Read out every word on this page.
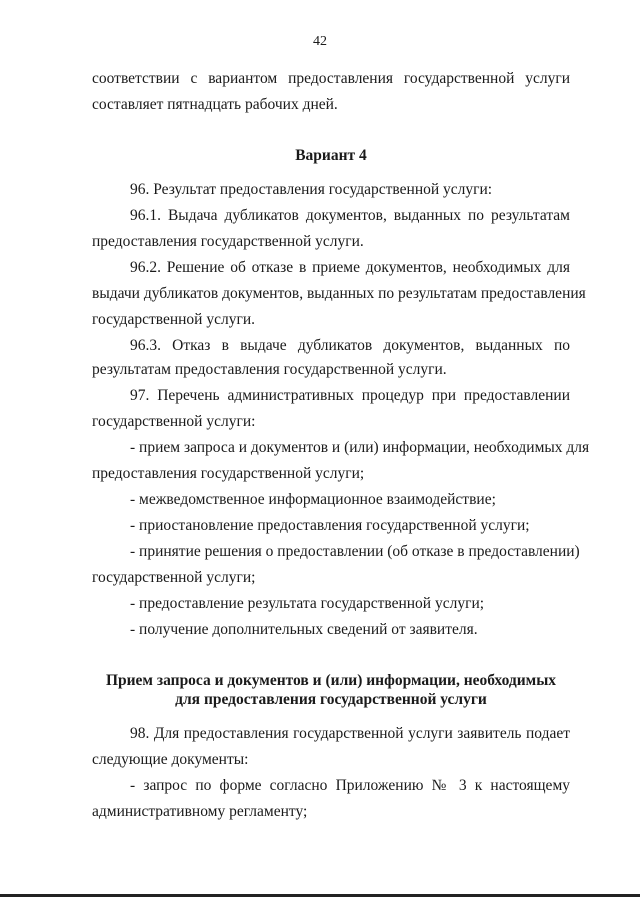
42
соответствии с вариантом предоставления государственной услуги
составляет пятнадцать рабочих дней.
Вариант 4
96. Результат предоставления государственной услуги:
96.1. Выдача дубликатов документов, выданных по результатам
предоставления государственной услуги.
96.2. Решение об отказе в приеме документов, необходимых для
выдачи дубликатов документов, выданных по результатам предоставления
государственной услуги.
96.3. Отказ в выдаче дубликатов документов, выданных по
результатам предоставления государственной услуги.
97. Перечень административных процедур при предоставлении
государственной услуги:
- прием запроса и документов и (или) информации, необходимых для
предоставления государственной услуги;
- межведомственное информационное взаимодействие;
- приостановление предоставления государственной услуги;
- принятие решения о предоставлении (об отказе в предоставлении)
государственной услуги;
- предоставление результата государственной услуги;
- получение дополнительных сведений от заявителя.
Прием запроса и документов и (или) информации, необходимых
для предоставления государственной услуги
98. Для предоставления государственной услуги заявитель подает
следующие документы:
- запрос по форме согласно Приложению № 3 к настоящему
административному регламенту;
